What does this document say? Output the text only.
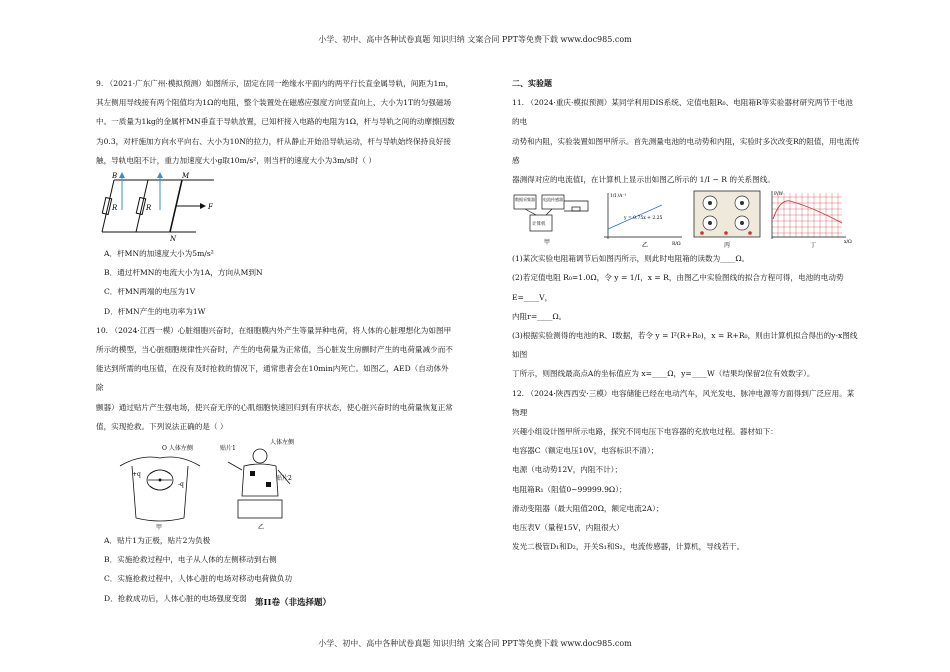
小学、初中、高中各种试卷真题 知识归纳 文案合同 PPT等免费下载 www.doc985.com

9. （2021·广东广州·模拟预测）如图所示，固定在同一绝缘水平面内的两平行长直金属导轨，间距为1m，

其左侧用导线接有两个阻值均为1Ω的电阻，整个装置处在磁感应强度方向竖直向上、大小为1T的匀强磁场

中。一质量为1kg的金属杆MN垂直于导轨放置，已知杆接入电路的电阻为1Ω，杆与导轨之间的动摩擦因数

为0.3，对杆施加方向水平向右、大小为10N的拉力，杆从静止开始沿导轨运动，杆与导轨始终保持良好接

触，导轨电阻不计，重力加速度大小g取10m/s²，则当杆的速度大小为3m/s时（ ）

B	M
N
F
R	R

A．杆MN的加速度大小为5m/s²

B．通过杆MN的电流大小为1A，方向从M到N

C．杆MN两端的电压为1V

D．杆MN产生的电功率为1W

10. （2024·江西一模）心脏细胞兴奋时，在细胞膜内外产生等量异种电荷，将人体的心脏理想化为如图甲

所示的模型，当心脏细胞规律性兴奋时，产生的电荷量为正常值，当心脏发生房颤时产生的电荷量减少而不

能达到所需的电压值，在没有及时抢救的情况下，通常患者会在10min内死亡。如图乙，AED（自动体外除

颤器）通过贴片产生强电场，使兴奋无序的心肌细胞快速回归到有序状态，使心脏兴奋时的电荷量恢复正常

值，实现抢救。下列说法正确的是（ ）

O 人体左侧
+q
-q
甲
贴片1
人体左侧
贴片2
乙

A．贴片1为正极，贴片2为负极

B．实施抢救过程中，电子从人体的左侧移动到右侧

C．实施抢救过程中，人体心脏的电场对移动电荷做负功

D．抢救成功后，人体心脏的电场强度变弱 第II卷（非选择题）

二、实验题

11. （2024·重庆·模拟预测）某同学利用DIS系统、定值电阻R₀、电阻箱R等实验器材研究两节干电池的电

动势和内阻，实验装置如图甲所示。首先测量电池的电动势和内阻，实验时多次改变R的阻值，用电流传感

器测得对应的电流值I，在计算机上显示出如图乙所示的 1/I − R 的关系图线。

数据采集器 电流传感器
计算机
甲
1/I /A⁻¹
y = 0.75x + 2.25
R/Ω
乙	丙
P/W
x/Ω
丁

(1)某次实验电阻箱调节后如图丙所示，则此时电阻箱的读数为____Ω。

(2)若定值电阻 R₀=1.0Ω，令 y = 1/I，x = R，由图乙中实验图线的拟合方程可得，电池的电动势E=____V，

内阻r=____Ω。

(3)根据实验测得的电池的R、I数据，若令 y = I²(R+R₀)，x = R+R₀，则由计算机拟合得出的y-x图线如图

丁所示，则图线最高点A的坐标值应为 x=____Ω，y=____W（结果均保留2位有效数字）。

12. （2024·陕西西安·三模）电容储能已经在电动汽车，风光发电、脉冲电源等方面得到广泛应用。某物理

兴趣小组设计图甲所示电路，探究不同电压下电容器的充放电过程。器材如下：

电容器C（额定电压10V，电容标识不清）；

电源（电动势12V，内阻不计）；

电阻箱R₁（阻值0~99999.9Ω）；

滑动变阻器（最大阻值20Ω，额定电流2A）；

电压表V（量程15V，内阻很大）

发光二极管D₁和D₂，开关S₁和S₂，电流传感器，计算机，导线若干。

小学、初中、高中各种试卷真题 知识归纳 文案合同 PPT等免费下载 www.doc985.com
